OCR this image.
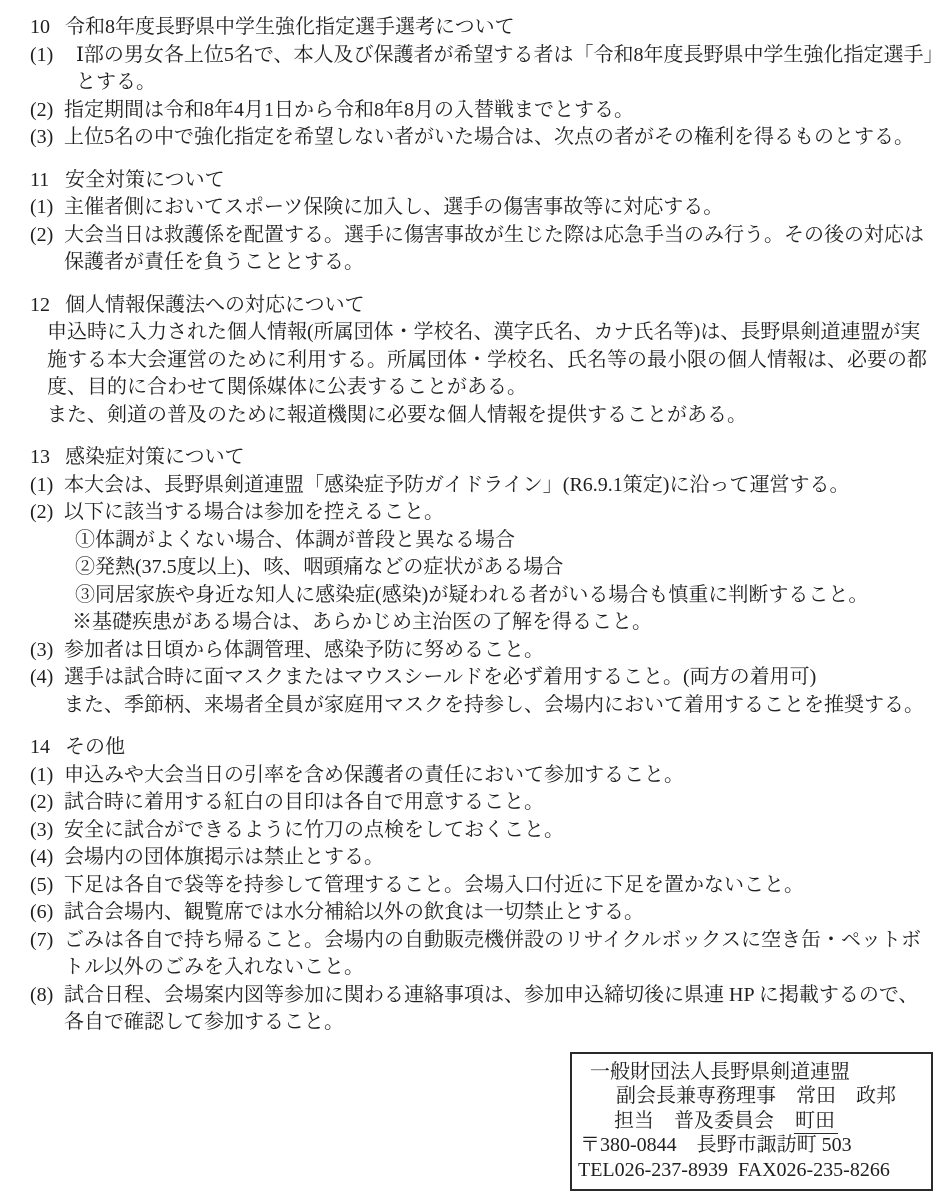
10 令和8年度長野県中学生強化指定選手選考について
(1)	Ⅰ部の男女各上位5名で、本人及び保護者が希望する者は「令和8年度長野県中学生強化指定選手」とする。
(2) 指定期間は令和8年4月1日から令和8年8月の入替戦までとする。
(3) 上位5名の中で強化指定を希望しない者がいた場合は、次点の者がその権利を得るものとする。
11 安全対策について
(1) 主催者側においてスポーツ保険に加入し、選手の傷害事故等に対応する。
(2) 大会当日は救護係を配置する。選手に傷害事故が生じた際は応急手当のみ行う。その後の対応は保護者が責任を負うこととする。
12 個人情報保護法への対応について
申込時に入力された個人情報(所属団体・学校名、漢字氏名、カナ氏名等)は、長野県剣道連盟が実施する本大会運営のために利用する。所属団体・学校名、氏名等の最小限の個人情報は、必要の都度、目的に合わせて関係媒体に公表することがある。
また、剣道の普及のために報道機関に必要な個人情報を提供することがある。
13 感染症対策について
(1) 本大会は、長野県剣道連盟「感染症予防ガイドライン」(R6.9.1策定)に沿って運営する。
(2) 以下に該当する場合は参加を控えること。
①体調がよくない場合、体調が普段と異なる場合
②発熱(37.5度以上)、咳、咽頭痛などの症状がある場合
③同居家族や身近な知人に感染症(感染)が疑われる者がいる場合も慎重に判断すること。
※基礎疾患がある場合は、あらかじめ主治医の了解を得ること。
(3) 参加者は日頃から体調管理、感染予防に努めること。
(4) 選手は試合時に面マスクまたはマウスシールドを必ず着用すること。(両方の着用可)
また、季節柄、来場者全員が家庭用マスクを持参し、会場内において着用することを推奨する。
14 その他
(1) 申込みや大会当日の引率を含め保護者の責任において参加すること。
(2) 試合時に着用する紅白の目印は各自で用意すること。
(3) 安全に試合ができるように竹刀の点検をしておくこと。
(4) 会場内の団体旗掲示は禁止とする。
(5) 下足は各自で袋等を持参して管理すること。会場入口付近に下足を置かないこと。
(6) 試合会場内、観覧席では水分補給以外の飲食は一切禁止とする。
(7) ごみは各自で持ち帰ること。会場内の自動販売機併設のリサイクルボックスに空き缶・ペットボトル以外のごみを入れないこと。
(8) 試合日程、会場案内図等参加に関わる連絡事項は、参加申込締切後に県連 HP に掲載するので、各自で確認して参加すること。
一般財団法人長野県剣道連盟
副会長兼専務理事　常田　政邦
担当　普及委員会　町田
〒380-0844　長野市諏訪町 503
TEL026-237-8939 FAX026-235-8266
